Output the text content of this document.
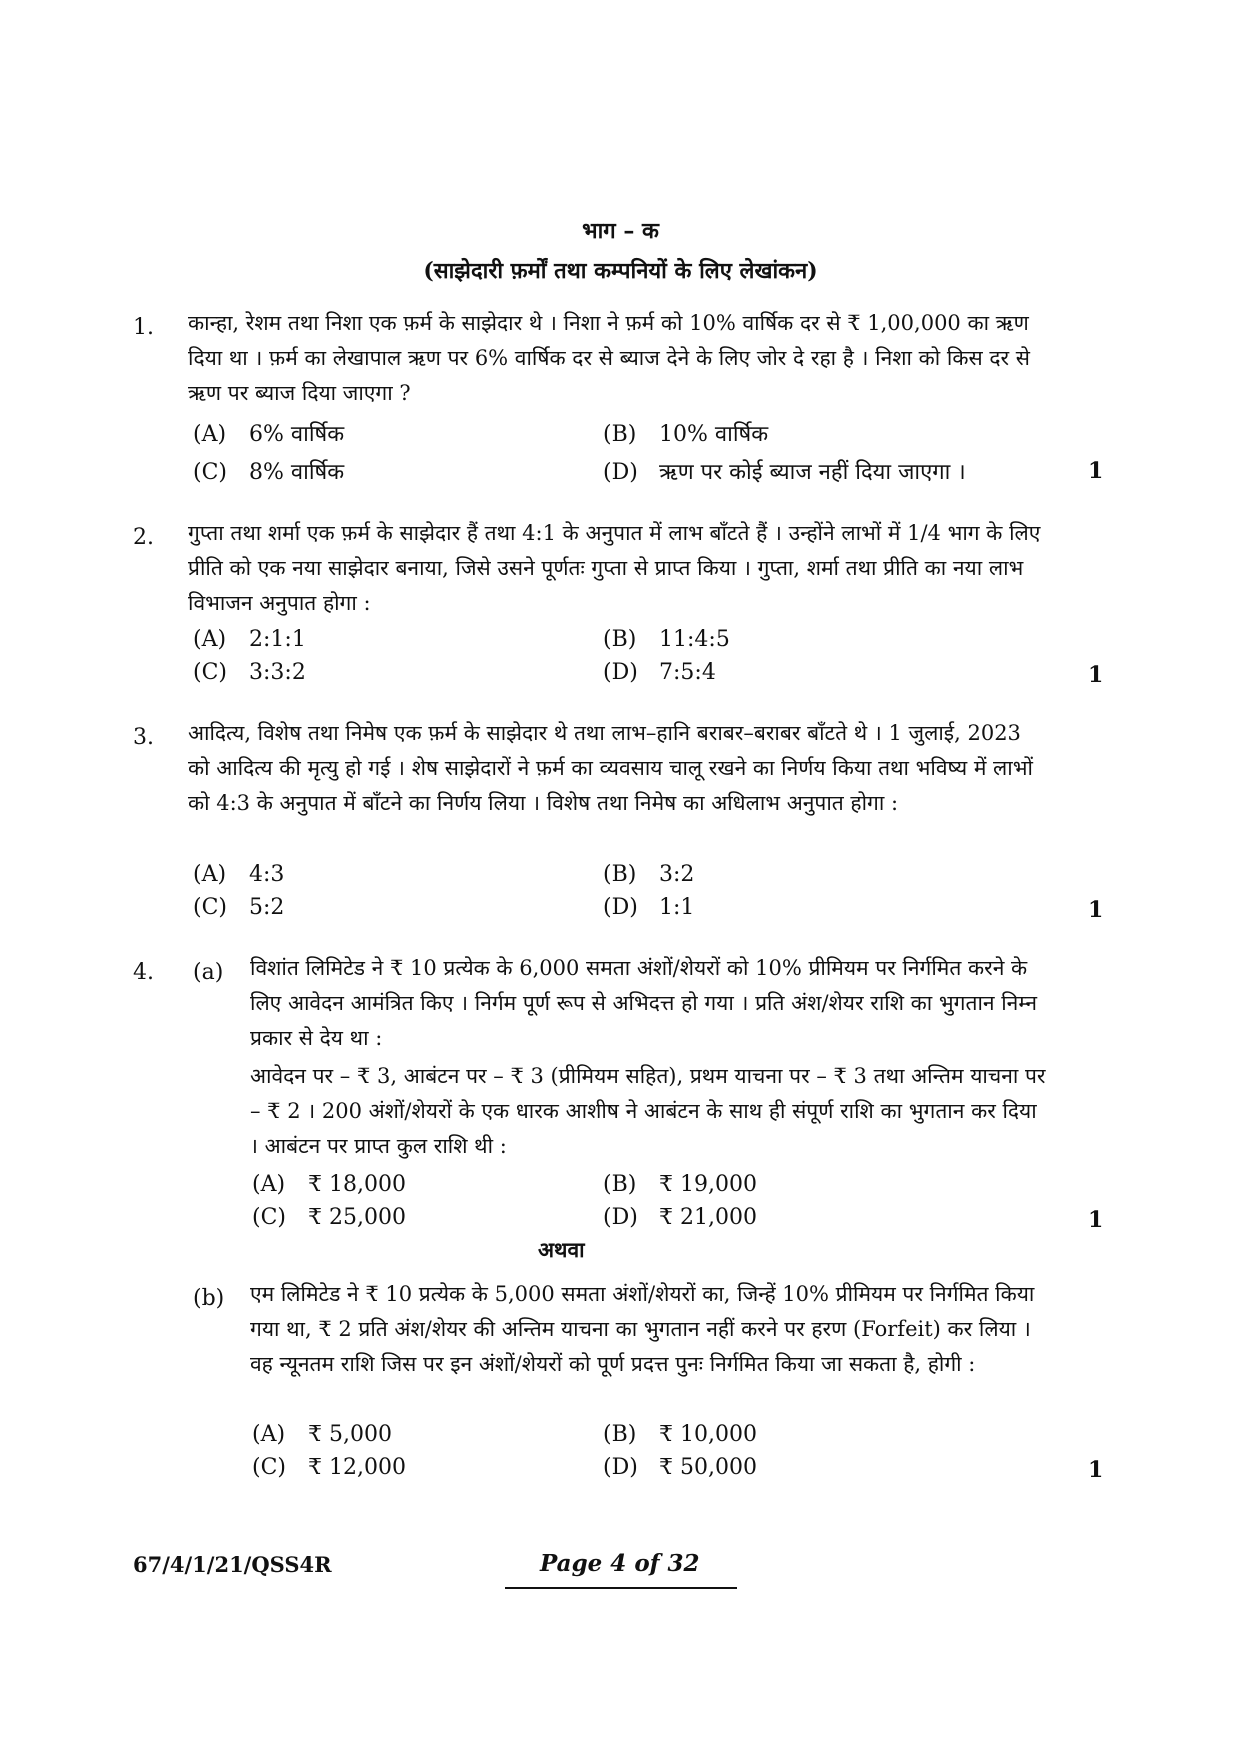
भाग – क
(साझेदारी फ़र्मों तथा कम्पनियों के लिए लेखांकन)
1. कान्हा, रेशम तथा निशा एक फ़र्म के साझेदार थे । निशा ने फ़र्म को 10% वार्षिक दर से ₹ 1,00,000 का ऋण दिया था । फ़र्म का लेखापाल ऋण पर 6% वार्षिक दर से ब्याज देने के लिए जोर दे रहा है । निशा को किस दर से ऋण पर ब्याज दिया जाएगा ?
(A) 6% वार्षिक	(B) 10% वार्षिक
(C) 8% वार्षिक	(D) ऋण पर कोई ब्याज नहीं दिया जाएगा ।	1
2. गुप्ता तथा शर्मा एक फ़र्म के साझेदार हैं तथा 4:1 के अनुपात में लाभ बाँटते हैं । उन्होंने लाभों में 1/4 भाग के लिए प्रीति को एक नया साझेदार बनाया, जिसे उसने पूर्णतः गुप्ता से प्राप्त किया । गुप्ता, शर्मा तथा प्रीति का नया लाभ विभाजन अनुपात होगा :
(A) 2:1:1	(B) 11:4:5
(C) 3:3:2	(D) 7:5:4	1
3. आदित्य, विशेष तथा निमेष एक फ़र्म के साझेदार थे तथा लाभ–हानि बराबर–बराबर बाँटते थे । 1 जुलाई, 2023 को आदित्य की मृत्यु हो गई । शेष साझेदारों ने फ़र्म का व्यवसाय चालू रखने का निर्णय किया तथा भविष्य में लाभों को 4:3 के अनुपात में बाँटने का निर्णय लिया । विशेष तथा निमेष का अधिलाभ अनुपात होगा :
(A) 4:3	(B) 3:2
(C) 5:2	(D) 1:1	1
4. (a) विशांत लिमिटेड ने ₹ 10 प्रत्येक के 6,000 समता अंशों/शेयरों को 10% प्रीमियम पर निर्गमित करने के लिए आवेदन आमंत्रित किए । निर्गम पूर्ण रूप से अभिदत्त हो गया । प्रति अंश/शेयर राशि का भुगतान निम्न प्रकार से देय था :
आवेदन पर – ₹ 3, आबंटन पर – ₹ 3 (प्रीमियम सहित), प्रथम याचना पर – ₹ 3 तथा अन्तिम याचना पर – ₹ 2 । 200 अंशों/शेयरों के एक धारक आशीष ने आबंटन के साथ ही संपूर्ण राशि का भुगतान कर दिया । आबंटन पर प्राप्त कुल राशि थी :
(A) ₹ 18,000	(B) ₹ 19,000
(C) ₹ 25,000	(D) ₹ 21,000	1
अथवा
(b) एम लिमिटेड ने ₹ 10 प्रत्येक के 5,000 समता अंशों/शेयरों का, जिन्हें 10% प्रीमियम पर निर्गमित किया गया था, ₹ 2 प्रति अंश/शेयर की अन्तिम याचना का भुगतान नहीं करने पर हरण (Forfeit) कर लिया । वह न्यूनतम राशि जिस पर इन अंशों/शेयरों को पूर्ण प्रदत्त पुनः निर्गमित किया जा सकता है, होगी :
(A) ₹ 5,000	(B) ₹ 10,000
(C) ₹ 12,000	(D) ₹ 50,000	1
67/4/1/21/QSS4R	Page 4 of 32
